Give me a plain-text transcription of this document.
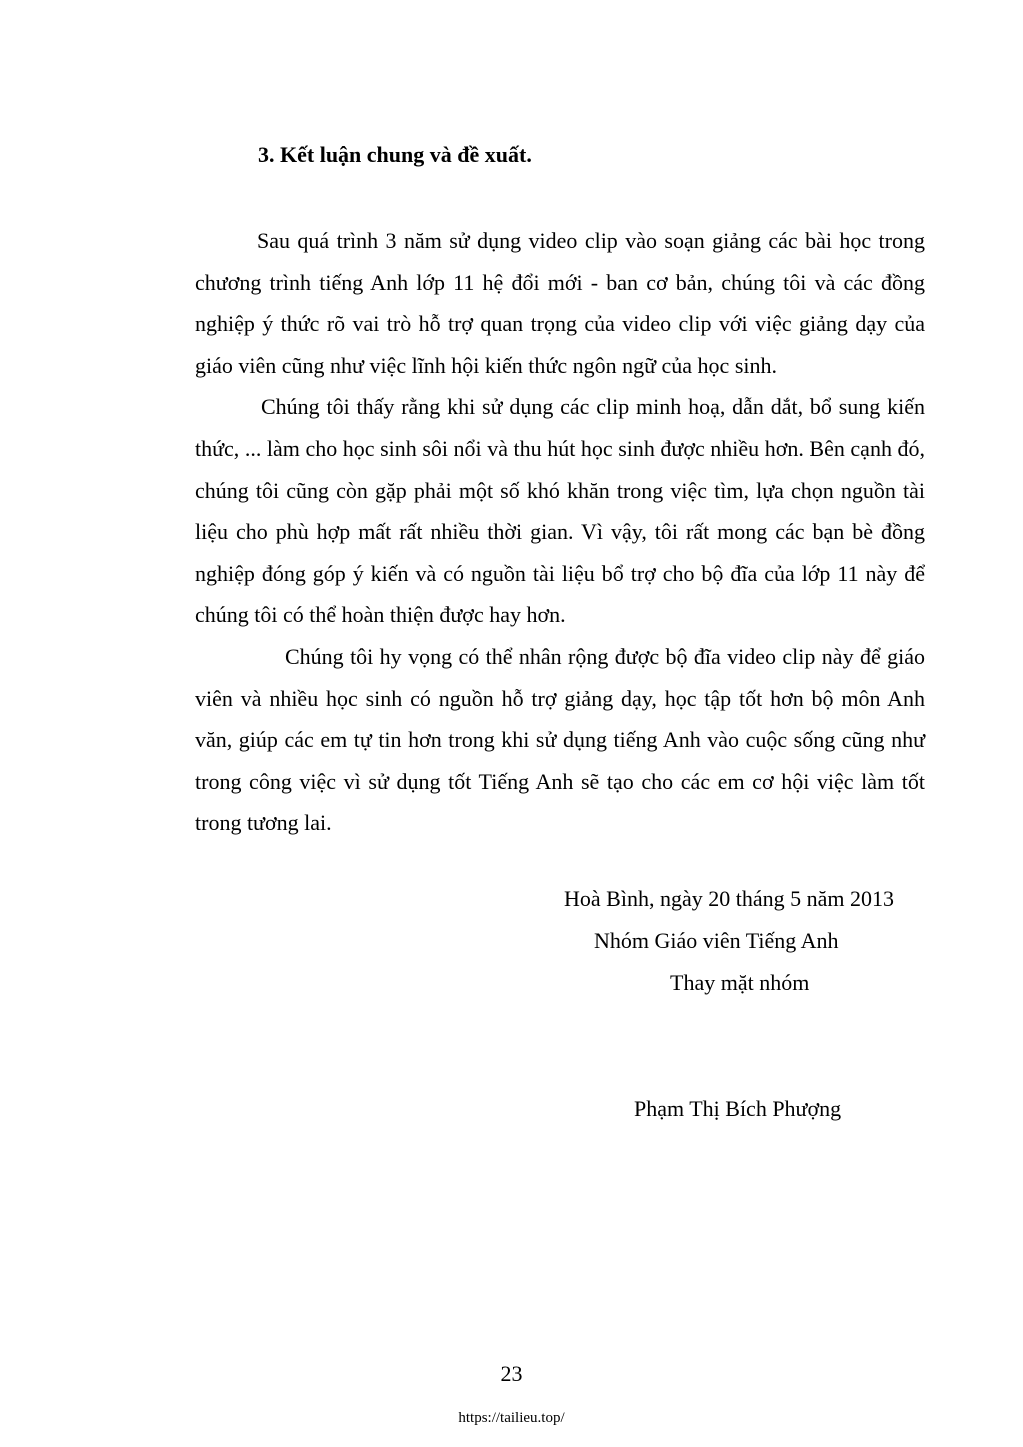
3. Kết luận chung và đề xuất.

Sau quá trình 3 năm sử dụng video clip vào soạn giảng các bài học trong chương trình tiếng Anh lớp 11 hệ đổi mới - ban cơ bản, chúng tôi và các đồng nghiệp ý thức rõ vai trò hỗ trợ quan trọng của video clip với việc giảng dạy của giáo viên cũng như việc lĩnh hội kiến thức ngôn ngữ của học sinh.

Chúng tôi thấy rằng khi sử dụng các clip minh hoạ, dẫn dắt, bổ sung kiến thức, ... làm cho học sinh sôi nổi và thu hút học sinh được nhiều hơn. Bên cạnh đó, chúng tôi cũng còn gặp phải một số khó khăn trong việc tìm, lựa chọn nguồn tài liệu cho phù hợp mất rất nhiều thời gian. Vì vậy, tôi rất mong các bạn bè đồng nghiệp đóng góp ý kiến và có nguồn tài liệu bổ trợ cho bộ đĩa của lớp 11 này để chúng tôi có thể hoàn thiện được hay hơn.

Chúng tôi hy vọng có thể nhân rộng được bộ đĩa video clip này để giáo viên và nhiều học sinh có nguồn hỗ trợ giảng dạy, học tập tốt hơn bộ môn Anh văn, giúp các em tự tin hơn trong khi sử dụng tiếng Anh vào cuộc sống cũng như trong công việc vì sử dụng tốt Tiếng Anh sẽ tạo cho các em cơ hội việc làm tốt trong tương lai.

Hoà Bình, ngày 20 tháng 5 năm 2013
Nhóm Giáo viên Tiếng Anh
Thay mặt nhóm
Phạm Thị Bích Phượng
23
https://tailieu.top/
